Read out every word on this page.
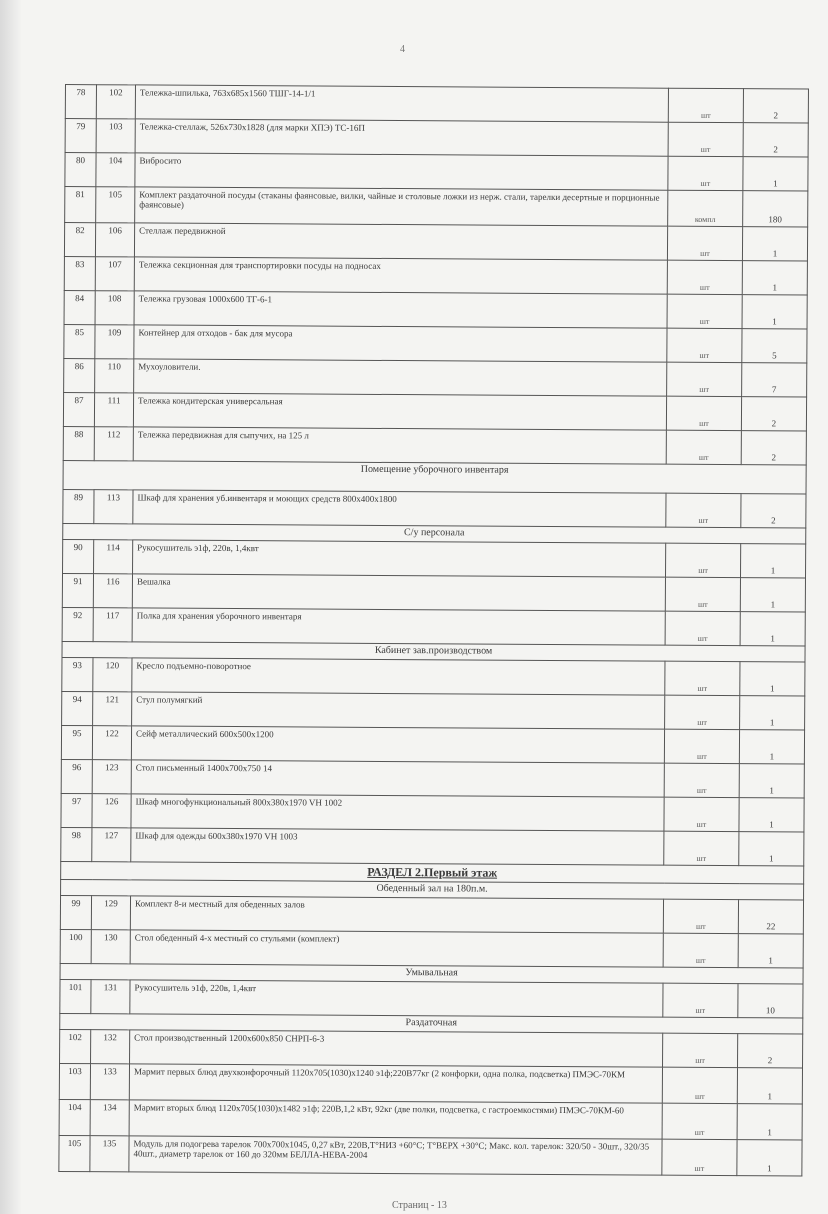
4
78	102	Тележка-шпилька, 763x685x1560 ТШГ-14-1/1	шт	2
79	103	Тележка-стеллаж, 526x730x1828 (для марки ХПЭ) ТС-16П	шт	2
80	104	Вибросито	шт	1
81	105	Комплект раздаточной посуды (стаканы фаянсовые, вилки, чайные и столовые ложки из нерж. стали, тарелки десертные и порционные фаянсовые)	компл	180
82	106	Стеллаж передвижной	шт	1
83	107	Тележка секционная для транспортировки посуды на подносах	шт	1
84	108	Тележка грузовая 1000x600 ТГ-6-1	шт	1
85	109	Контейнер для отходов - бак для мусора	шт	5
86	110	Мухоуловители.	шт	7
87	111	Тележка кондитерская универсальная	шт	2
88	112	Тележка передвижная для сыпучих, на 125 л	шт	2
Помещение уборочного инвентаря				
89	113	Шкаф для хранения уб.инвентаря и моющих средств 800x400x1800	шт	2
С/у персонала				
90	114	Рукосушитель э1ф, 220в, 1,4квт	шт	1
91	116	Вешалка	шт	1
92	117	Полка для хранения уборочного инвентаря	шт	1
Кабинет зав.производством				
93	120	Кресло подъемно-поворотное	шт	1
94	121	Стул полумягкий	шт	1
95	122	Сейф металлический 600x500x1200	шт	1
96	123	Стол письменный 1400x700x750 14	шт	1
97	126	Шкаф многофункциональный 800x380x1970 VH 1002	шт	1
98	127	Шкаф для одежды 600x380x1970 VH 1003	шт	1
РАЗДЕЛ 2.Первый этаж				
Обеденный зал на 180п.м.				
99	129	Комплект 8-и местный для обеденных залов	шт	22
100	130	Стол обеденный 4-х местный со стульями (комплект)	шт	1
Умывальная				
101	131	Рукосушитель э1ф, 220в, 1,4квт	шт	10
Раздаточная				
102	132	Стол производственный 1200x600x850 СНРП-6-3	шт	2
103	133	Мармит первых блюд двухконфорочный 1120x705(1030)x1240 э1ф;220В77кг (2 конфорки, одна полка, подсветка) ПМЭС-70КМ	шт	1
104	134	Мармит вторых блюд 1120x705(1030)x1482 э1ф; 220В,1,2 кВт, 92кг (две полки, подсветка, с гастроемкостями) ПМЭС-70КМ-60	шт	1
105	135	Модуль для подогрева тарелок 700x700x1045, 0,27 кВт, 220В,Т°НИЗ +60°С; Т°ВЕРХ +30°С; Макс. кол. тарелок: 320/50 - 30шт., 320/35 40шт., диаметр тарелок от 160 до 320мм БЕЛЛА-НЕВА-2004	шт	1
Страниц - 13
